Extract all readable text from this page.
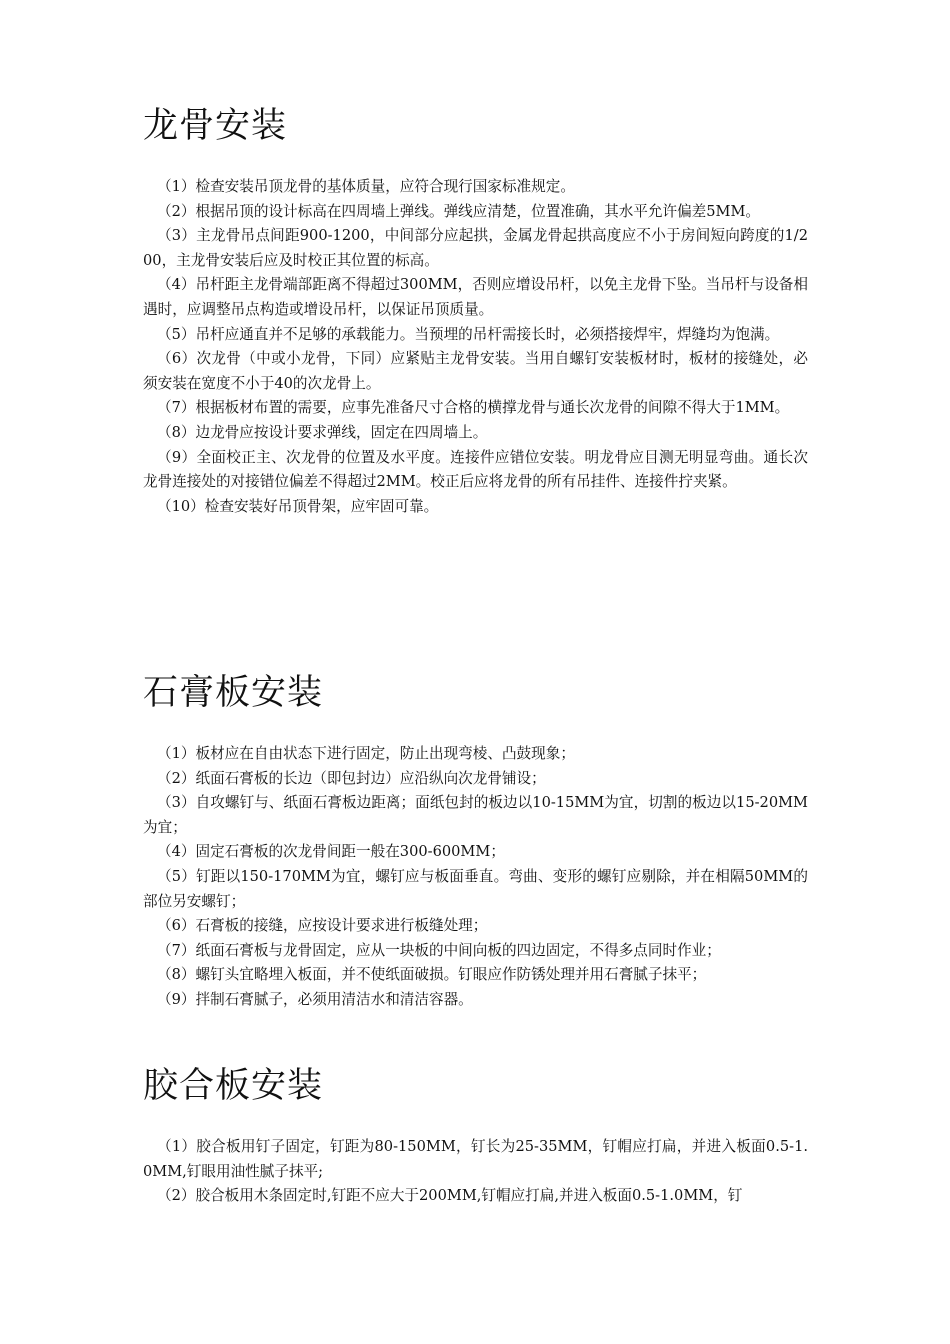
龙骨安装

（1）检查安装吊顶龙骨的基体质量，应符合现行国家标准规定。

（2）根据吊顶的设计标高在四周墙上弹线。弹线应清楚，位置准确，其水平允许偏差5MM。

（3）主龙骨吊点间距900-1200，中间部分应起拱，金属龙骨起拱高度应不小于房间短向跨度的1/200，主龙骨安装后应及时校正其位置的标高。

（4）吊杆距主龙骨端部距离不得超过300MM，否则应增设吊杆，以免主龙骨下坠。当吊杆与设备相遇时，应调整吊点构造或增设吊杆，以保证吊顶质量。

（5）吊杆应通直并不足够的承载能力。当预埋的吊杆需接长时，必须搭接焊牢，焊缝均为饱满。

（6）次龙骨（中或小龙骨，下同）应紧贴主龙骨安装。当用自螺钉安装板材时，板材的接缝处，必须安装在宽度不小于40的次龙骨上。

（7）根据板材布置的需要，应事先准备尺寸合格的横撑龙骨与通长次龙骨的间隙不得大于1MM。

（8）边龙骨应按设计要求弹线，固定在四周墙上。

（9）全面校正主、次龙骨的位置及水平度。连接件应错位安装。明龙骨应目测无明显弯曲。通长次龙骨连接处的对接错位偏差不得超过2MM。校正后应将龙骨的所有吊挂件、连接件拧夹紧。

（10）检查安装好吊顶骨架，应牢固可靠。

石膏板安装

（1）板材应在自由状态下进行固定，防止出现弯棱、凸鼓现象；

（2）纸面石膏板的长边（即包封边）应沿纵向次龙骨铺设；

（3）自攻螺钉与、纸面石膏板边距离；面纸包封的板边以10-15MM为宜，切割的板边以15-20MM为宜；

（4）固定石膏板的次龙骨间距一般在300-600MM；

（5）钉距以150-170MM为宜，螺钉应与板面垂直。弯曲、变形的螺钉应剔除，并在相隔50MM的部位另安螺钉；

（6）石膏板的接缝，应按设计要求进行板缝处理；

（7）纸面石膏板与龙骨固定，应从一块板的中间向板的四边固定，不得多点同时作业；

（8）螺钉头宜略埋入板面，并不使纸面破损。钉眼应作防锈处理并用石膏腻子抹平；

（9）拌制石膏腻子，必须用清洁水和清洁容器。

胶合板安装

（1）胶合板用钉子固定，钉距为80-150MM，钉长为25-35MM，钉帽应打扁，并进入板面0.5-1.0MM,钉眼用油性腻子抹平;

（2）胶合板用木条固定时,钉距不应大于200MM,钉帽应打扁,并进入板面0.5-1.0MM，钉
